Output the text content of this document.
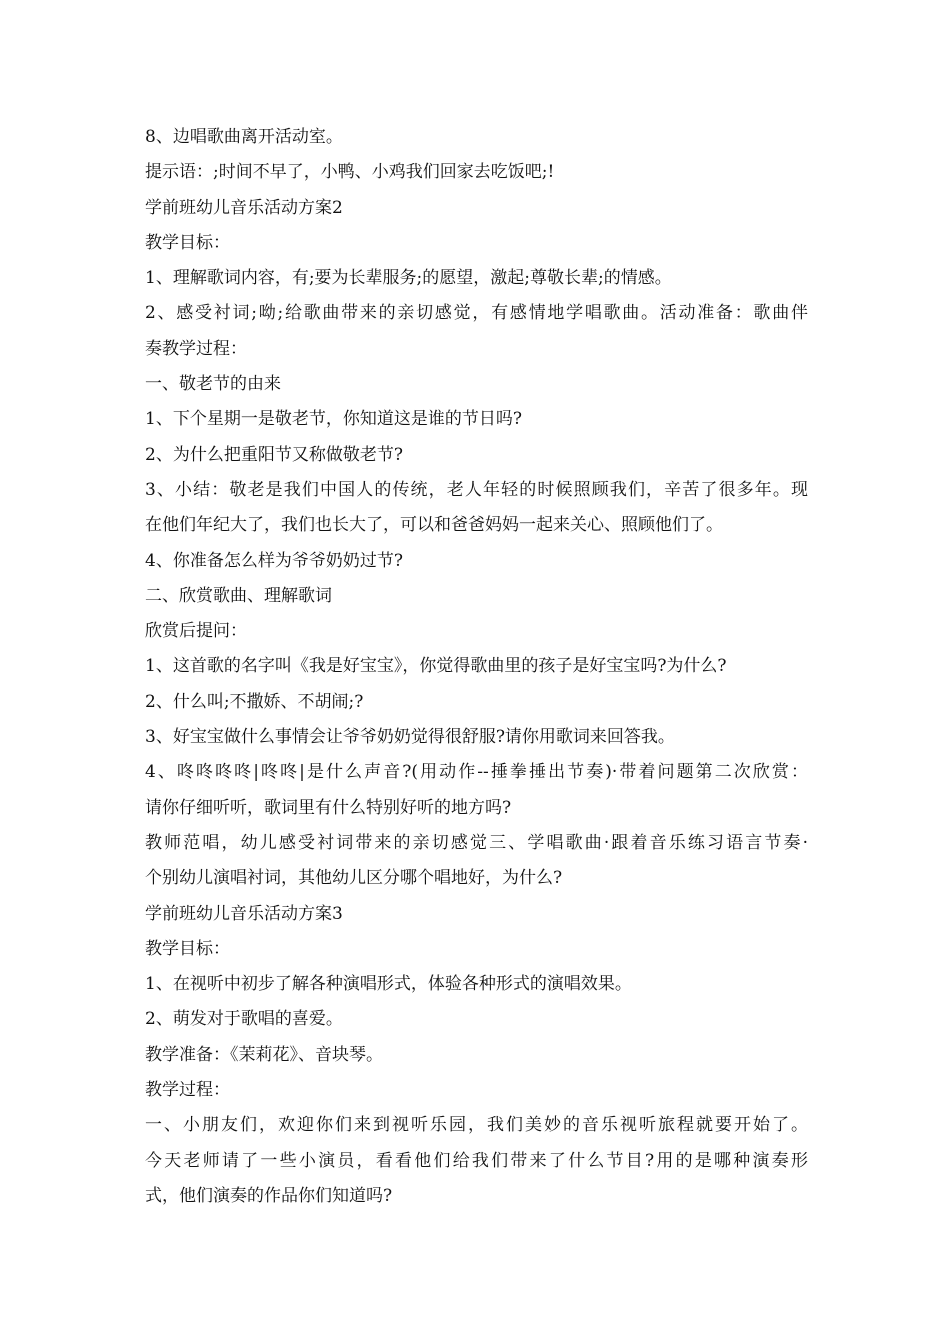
8、边唱歌曲离开活动室。
提示语：;时间不早了，小鸭、小鸡我们回家去吃饭吧;!
学前班幼儿音乐活动方案2
教学目标：
1、理解歌词内容，有;要为长辈服务;的愿望，激起;尊敬长辈;的情感。
2、感受衬词;呦;给歌曲带来的亲切感觉，有感情地学唱歌曲。活动准备：歌曲伴
奏教学过程：
一、敬老节的由来
1、下个星期一是敬老节，你知道这是谁的节日吗?
2、为什么把重阳节又称做敬老节?
3、小结：敬老是我们中国人的传统，老人年轻的时候照顾我们，辛苦了很多年。现
在他们年纪大了，我们也长大了，可以和爸爸妈妈一起来关心、照顾他们了。
4、你准备怎么样为爷爷奶奶过节?
二、欣赏歌曲、理解歌词
欣赏后提问：
1、这首歌的名字叫《我是好宝宝》，你觉得歌曲里的孩子是好宝宝吗?为什么?
2、什么叫;不撒娇、不胡闹;?
3、好宝宝做什么事情会让爷爷奶奶觉得很舒服?请你用歌词来回答我。
4、咚咚咚咚|咚咚|是什么声音?(用动作--捶拳捶出节奏)·带着问题第二次欣赏：
请你仔细听听，歌词里有什么特别好听的地方吗?
教师范唱，幼儿感受衬词带来的亲切感觉三、学唱歌曲·跟着音乐练习语言节奏·
个别幼儿演唱衬词，其他幼儿区分哪个唱地好，为什么?
学前班幼儿音乐活动方案3
教学目标：
1、在视听中初步了解各种演唱形式，体验各种形式的演唱效果。
2、萌发对于歌唱的喜爱。
教学准备：《茉莉花》、音块琴。
教学过程：
一、小朋友们，欢迎你们来到视听乐园，我们美妙的音乐视听旅程就要开始了。
今天老师请了一些小演员，看看他们给我们带来了什么节目?用的是哪种演奏形
式，他们演奏的作品你们知道吗?
